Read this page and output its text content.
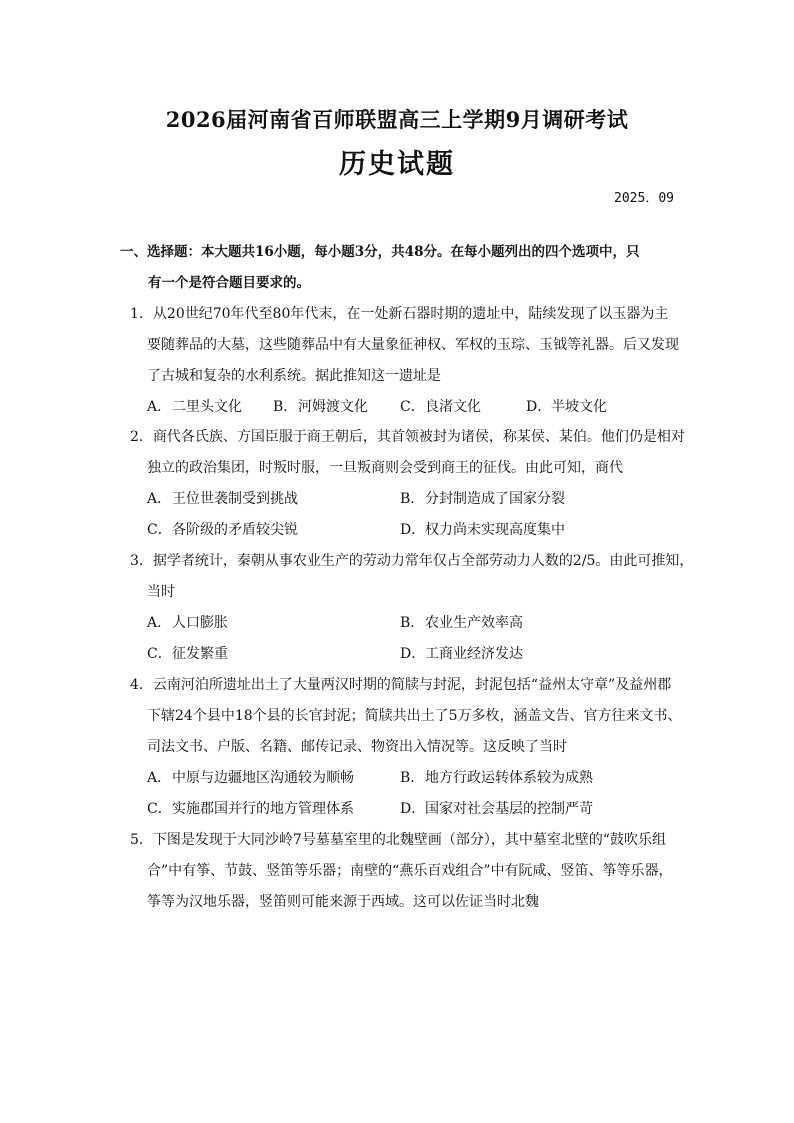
2026届河南省百师联盟高三上学期9月调研考试
历史试题
2025．09
一、选择题：本大题共16小题，每小题3分，共48分。在每小题列出的四个选项中，只
有一个是符合题目要求的。
1．从20世纪70年代至80年代末，在一处新石器时期的遗址中，陆续发现了以玉器为主
要随葬品的大墓，这些随葬品中有大量象征神权、军权的玉琮、玉钺等礼器。后又发现
了古城和复杂的水利系统。据此推知这一遗址是
A．二里头文化 B．河姆渡文化 C．良渚文化	D．半坡文化
2．商代各氏族、方国臣服于商王朝后，其首领被封为诸侯，称某侯、某伯。他们仍是相对
独立的政治集团，时叛时服，一旦叛商则会受到商王的征伐。由此可知，商代
A．王位世袭制受到挑战	B．分封制造成了国家分裂
C．各阶级的矛盾较尖锐	D．权力尚未实现高度集中
3．据学者统计，秦朝从事农业生产的劳动力常年仅占全部劳动力人数的2/5。由此可推知，
当时
A．人口膨胀	B．农业生产效率高
C．征发繁重	D．工商业经济发达
4．云南河泊所遗址出土了大量两汉时期的简牍与封泥，封泥包括“益州太守章”及益州郡
下辖24个县中18个县的长官封泥；简牍共出土了5万多枚，涵盖文告、官方往来文书、
司法文书、户版、名籍、邮传记录、物资出入情况等。这反映了当时
A．中原与边疆地区沟通较为顺畅	B．地方行政运转体系较为成熟
C．实施郡国并行的地方管理体系	D．国家对社会基层的控制严苛
5．下图是发现于大同沙岭7号墓墓室里的北魏壁画（部分），其中墓室北壁的“鼓吹乐组
合”中有筝、节鼓、竖笛等乐器；南壁的“燕乐百戏组合”中有阮咸、竖笛、筝等乐器，
筝等为汉地乐器，竖笛则可能来源于西域。这可以佐证当时北魏
